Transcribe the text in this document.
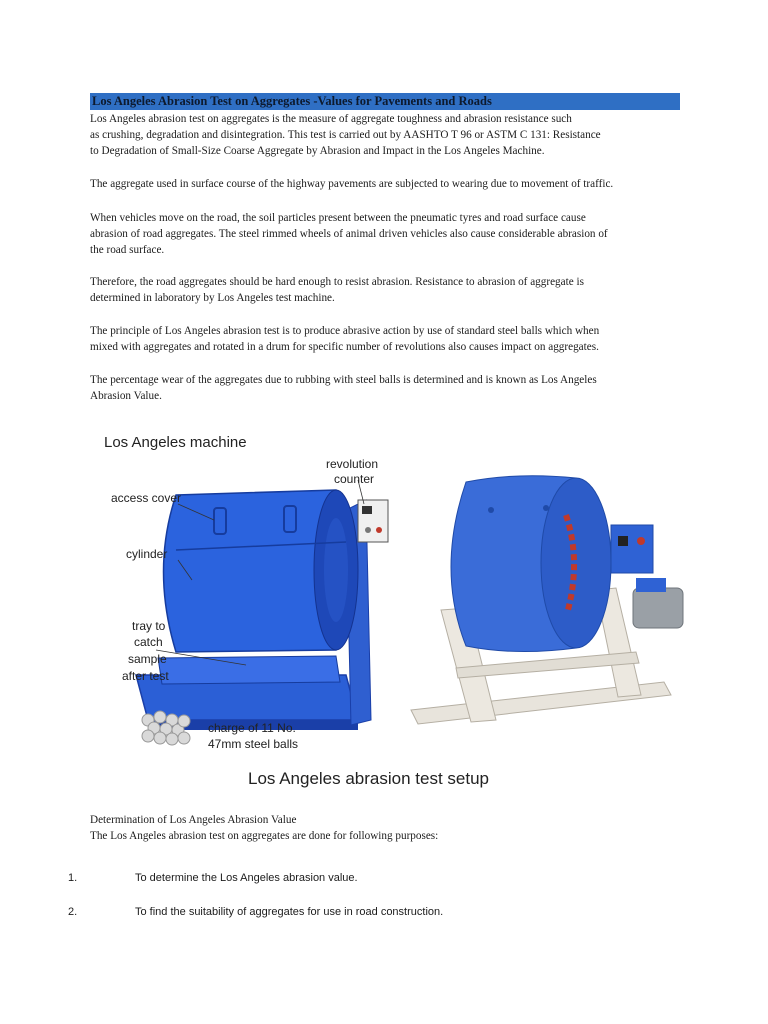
Los Angeles Abrasion Test on Aggregates -Values for Pavements and Roads
Los Angeles abrasion test on aggregates is the measure of aggregate toughness and abrasion resistance such
as crushing, degradation and disintegration. This test is carried out by AASHTO T 96 or ASTM C 131: Resistance
to Degradation of Small-Size Coarse Aggregate by Abrasion and Impact in the Los Angeles Machine.
The aggregate used in surface course of the highway pavements are subjected to wearing due to movement of traffic.
When vehicles move on the road, the soil particles present between the pneumatic tyres and road surface cause
abrasion of road aggregates. The steel rimmed wheels of animal driven vehicles also cause considerable abrasion of
the road surface.
Therefore, the road aggregates should be hard enough to resist abrasion. Resistance to abrasion of aggregate is
determined in laboratory by Los Angeles test machine.
The principle of Los Angeles abrasion test is to produce abrasive action by use of standard steel balls which when
mixed with aggregates and rotated in a drum for specific number of revolutions also causes impact on aggregates.
The percentage wear of the aggregates due to rubbing with steel balls is determined and is known as Los Angeles
Abrasion Value.
Los Angeles machine
revolution
counter
access cover
cylinder
tray to
catch
sample
after test
charge of 11 No.
47mm steel balls
Los Angeles abrasion test setup
Determination of Los Angeles Abrasion Value
The Los Angeles abrasion test on aggregates are done for following purposes:
1.	To determine the Los Angeles abrasion value.
2.	To find the suitability of aggregates for use in road construction.
